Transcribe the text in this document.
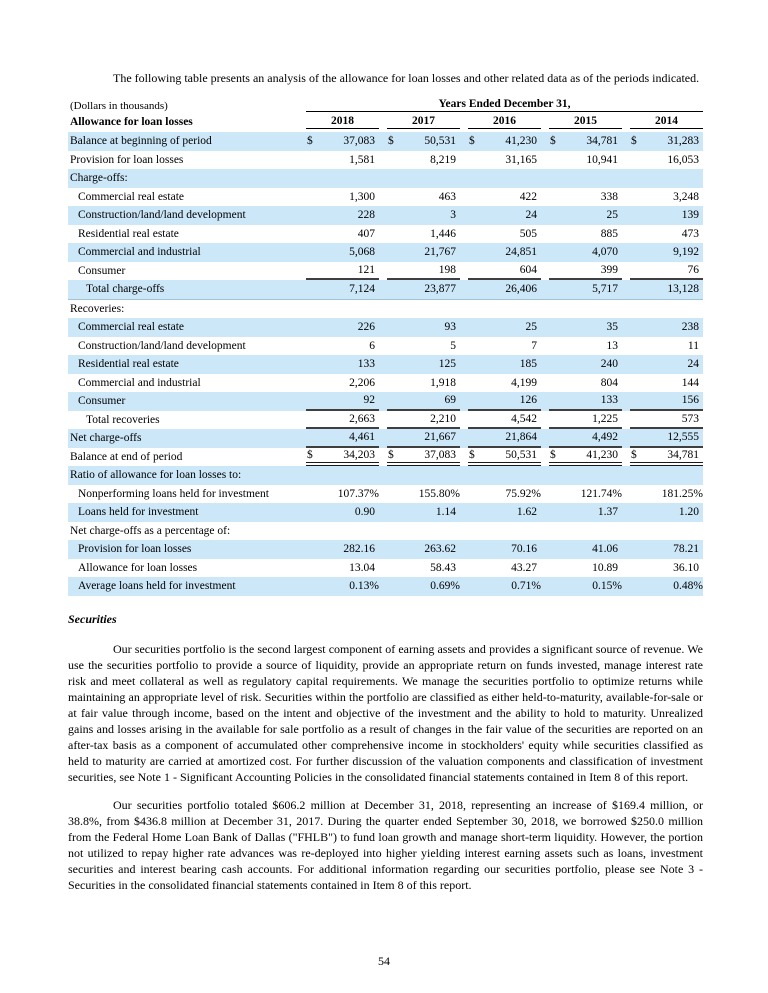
The following table presents an analysis of the allowance for loan losses and other related data as of the periods indicated.

(Dollars in thousands)	Years Ended December 31,
Allowance for loan losses	2018	2017	2016	2015	2014
Balance at beginning of period	$	37,083	$	50,531	$	41,230	$	34,781	$	31,283
Provision for loan losses	1,581	8,219	31,165	10,941	16,053
Charge-offs:
Commercial real estate	1,300	463	422	338	3,248
Construction/land/land development	228	3	24	25	139
Residential real estate	407	1,446	505	885	473
Commercial and industrial	5,068	21,767	24,851	4,070	9,192
Consumer	121	198	604	399	76
Total charge-offs	7,124	23,877	26,406	5,717	13,128
Recoveries:
Commercial real estate	226	93	25	35	238
Construction/land/land development	6	5	7	13	11
Residential real estate	133	125	185	240	24
Commercial and industrial	2,206	1,918	4,199	804	144
Consumer	92	69	126	133	156
Total recoveries	2,663	2,210	4,542	1,225	573
Net charge-offs	4,461	21,667	21,864	4,492	12,555
Balance at end of period	$	34,203	$	37,083	$	50,531	$	41,230	$	34,781
Ratio of allowance for loan losses to:
Nonperforming loans held for investment	107.37%	155.80%	75.92%	121.74%	181.25%
Loans held for investment	0.90	1.14	1.62	1.37	1.20
Net charge-offs as a percentage of:
Provision for loan losses	282.16	263.62	70.16	41.06	78.21
Allowance for loan losses	13.04	58.43	43.27	10.89	36.10
Average loans held for investment	0.13%	0.69%	0.71%	0.15%	0.48%
Securities

Our securities portfolio is the second largest component of earning assets and provides a significant source of revenue. We use the securities portfolio to provide a source of liquidity, provide an appropriate return on funds invested, manage interest rate risk and meet collateral as well as regulatory capital requirements. We manage the securities portfolio to optimize returns while maintaining an appropriate level of risk. Securities within the portfolio are classified as either held-to-maturity, available-for-sale or at fair value through income, based on the intent and objective of the investment and the ability to hold to maturity. Unrealized gains and losses arising in the available for sale portfolio as a result of changes in the fair value of the securities are reported on an after-tax basis as a component of accumulated other comprehensive income in stockholders' equity while securities classified as held to maturity are carried at amortized cost. For further discussion of the valuation components and classification of investment securities, see Note 1 - Significant Accounting Policies in the consolidated financial statements contained in Item 8 of this report.

Our securities portfolio totaled $606.2 million at December 31, 2018, representing an increase of $169.4 million, or 38.8%, from $436.8 million at December 31, 2017. During the quarter ended September 30, 2018, we borrowed $250.0 million from the Federal Home Loan Bank of Dallas ("FHLB") to fund loan growth and manage short-term liquidity. However, the portion not utilized to repay higher rate advances was re-deployed into higher yielding interest earning assets such as loans, investment securities and interest bearing cash accounts. For additional information regarding our securities portfolio, please see Note 3 - Securities in the consolidated financial statements contained in Item 8 of this report.

54
